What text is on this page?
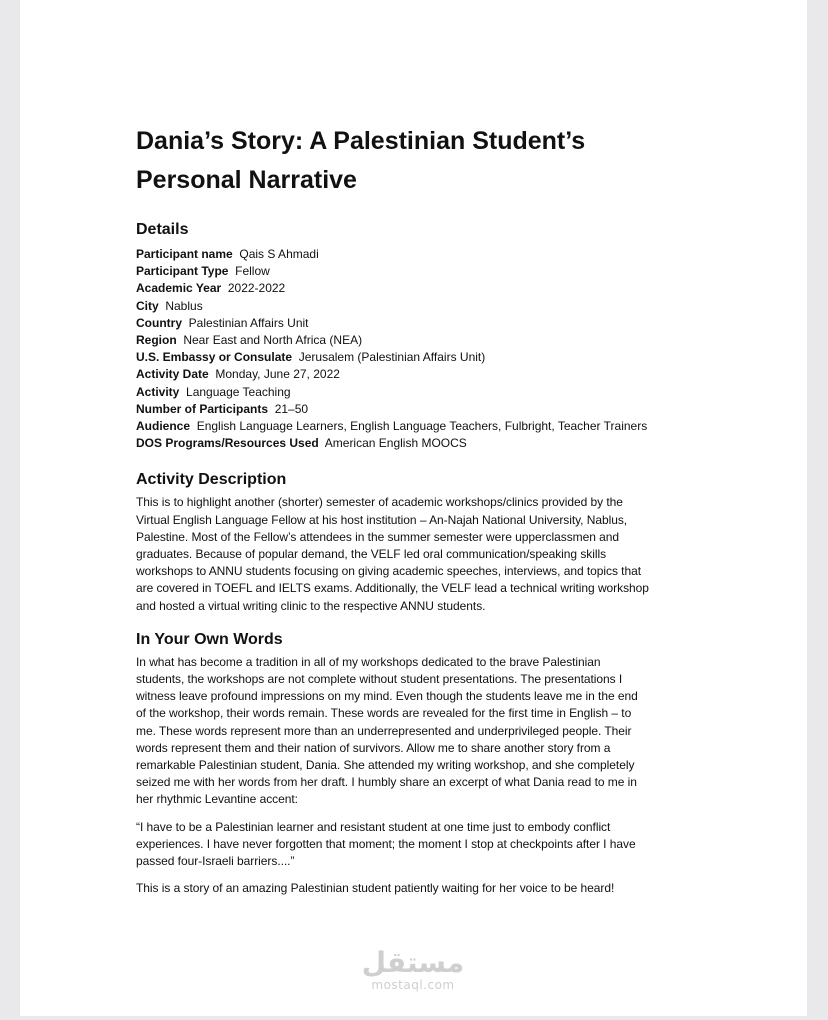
Dania’s Story: A Palestinian Student’s
Personal Narrative
Details
Participant name Qais S Ahmadi
Participant Type Fellow
Academic Year 2022-2022
City Nablus
Country Palestinian Affairs Unit
Region Near East and North Africa (NEA)
U.S. Embassy or Consulate Jerusalem (Palestinian Affairs Unit)
Activity Date Monday, June 27, 2022
Activity Language Teaching
Number of Participants 21–50
Audience English Language Learners, English Language Teachers, Fulbright, Teacher Trainers
DOS Programs/Resources Used American English MOOCS
Activity Description

This is to highlight another (shorter) semester of academic workshops/clinics provided by the
Virtual English Language Fellow at his host institution – An-Najah National University, Nablus,
Palestine. Most of the Fellow’s attendees in the summer semester were upperclassmen and
graduates. Because of popular demand, the VELF led oral communication/speaking skills
workshops to ANNU students focusing on giving academic speeches, interviews, and topics that
are covered in TOEFL and IELTS exams. Additionally, the VELF lead a technical writing workshop
and hosted a virtual writing clinic to the respective ANNU students.

In Your Own Words

In what has become a tradition in all of my workshops dedicated to the brave Palestinian
students, the workshops are not complete without student presentations. The presentations I
witness leave profound impressions on my mind. Even though the students leave me in the end
of the workshop, their words remain. These words are revealed for the first time in English – to
me. These words represent more than an underrepresented and underprivileged people. Their
words represent them and their nation of survivors. Allow me to share another story from a
remarkable Palestinian student, Dania. She attended my writing workshop, and she completely
seized me with her words from her draft. I humbly share an excerpt of what Dania read to me in
her rhythmic Levantine accent:

“I have to be a Palestinian learner and resistant student at one time just to embody conflict
experiences. I have never forgotten that moment; the moment I stop at checkpoints after I have
passed four-Israeli barriers....”

This is a story of an amazing Palestinian student patiently waiting for her voice to be heard!

مستقل
mostaql.com
